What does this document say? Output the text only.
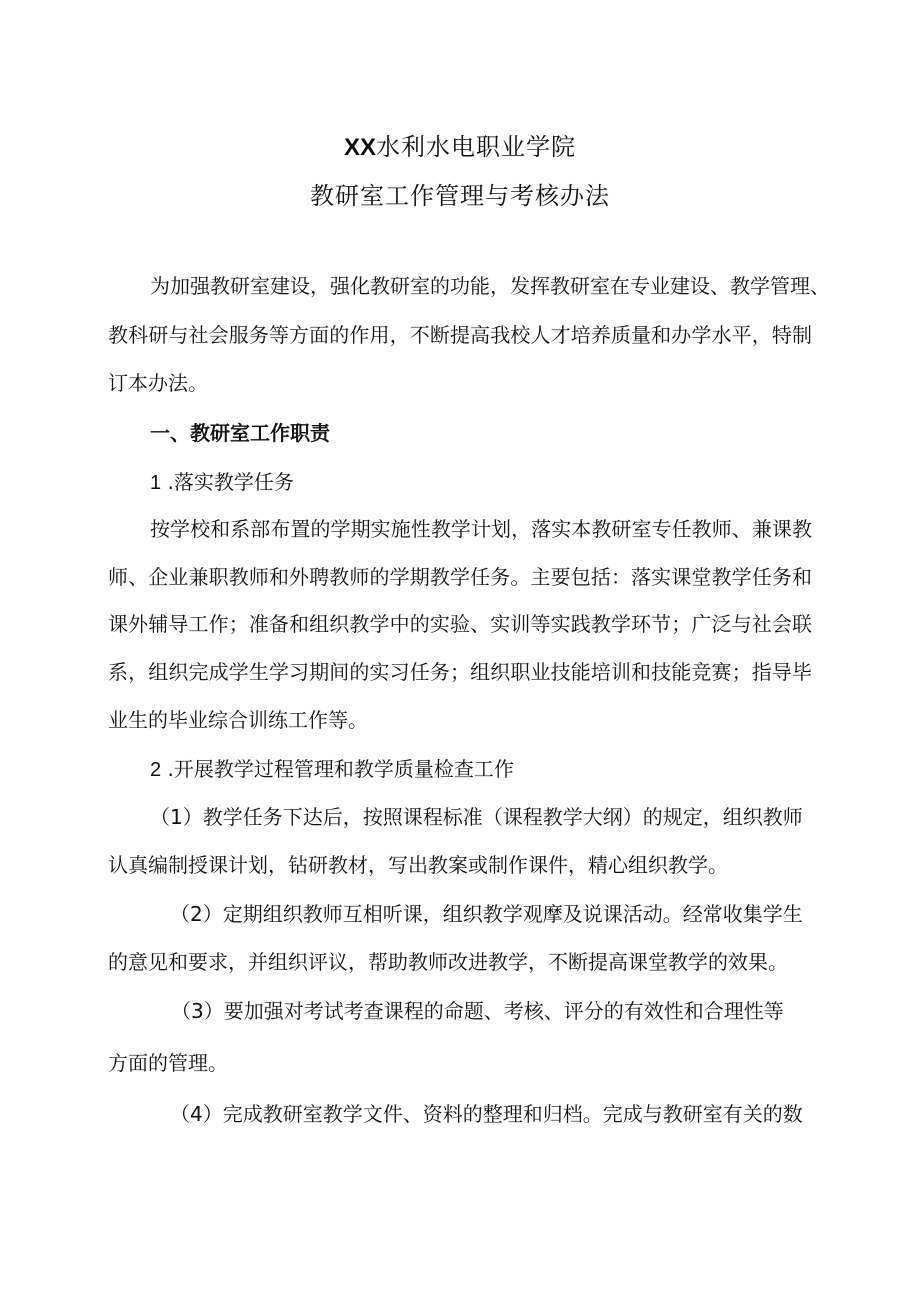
XX水利水电职业学院
教研室工作管理与考核办法
为加强教研室建设，强化教研室的功能，发挥教研室在专业建设、教学管理、
教科研与社会服务等方面的作用，不断提高我校人才培养质量和办学水平，特制
订本办法。
一、教研室工作职责
1 .落实教学任务
按学校和系部布置的学期实施性教学计划，落实本教研室专任教师、兼课教
师、企业兼职教师和外聘教师的学期教学任务。主要包括：落实课堂教学任务和
课外辅导工作；准备和组织教学中的实验、实训等实践教学环节；广泛与社会联
系，组织完成学生学习期间的实习任务；组织职业技能培训和技能竞赛；指导毕
业生的毕业综合训练工作等。
2 .开展教学过程管理和教学质量检查工作
（1）教学任务下达后，按照课程标准（课程教学大纲）的规定，组织教师
认真编制授课计划，钻研教材，写出教案或制作课件，精心组织教学。
（2）定期组织教师互相听课，组织教学观摩及说课活动。经常收集学生
的意见和要求，并组织评议，帮助教师改进教学，不断提高课堂教学的效果。
（3）要加强对考试考查课程的命题、考核、评分的有效性和合理性等
方面的管理。
（4）完成教研室教学文件、资料的整理和归档。完成与教研室有关的数
